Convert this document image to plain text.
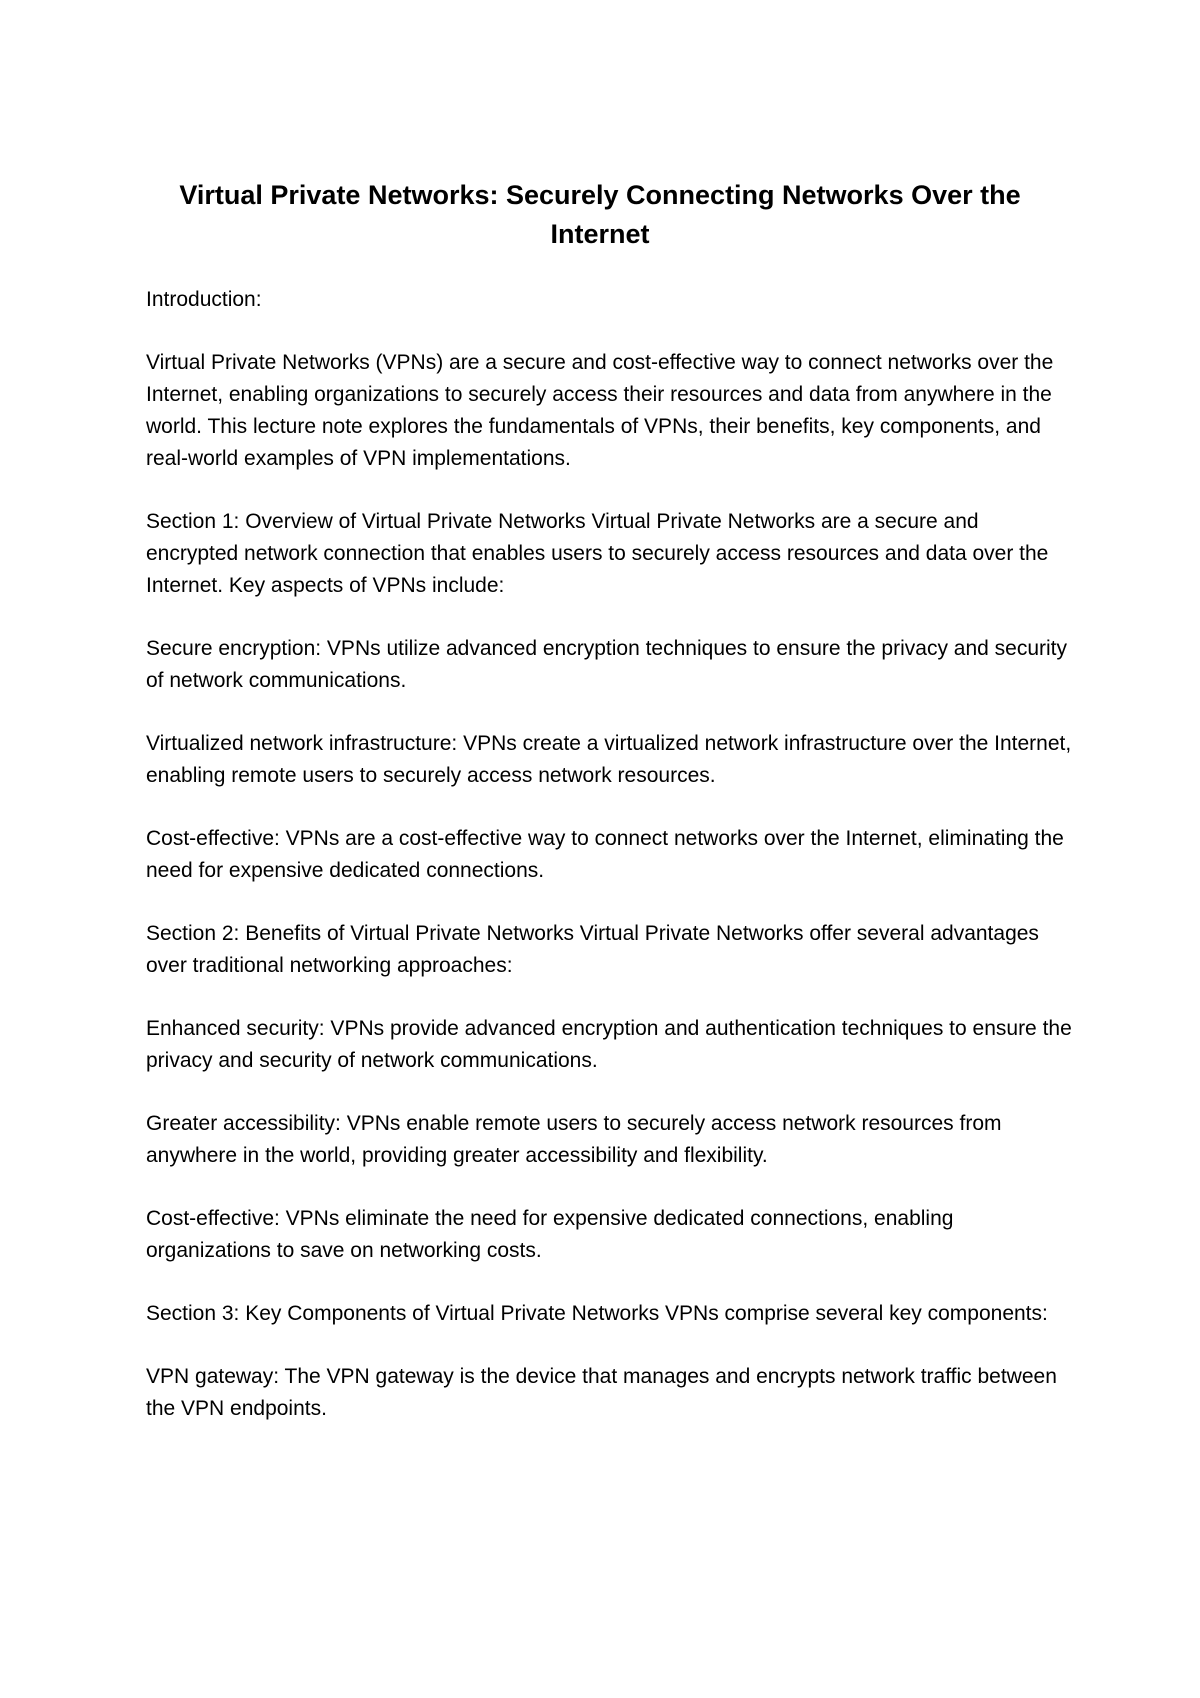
Virtual Private Networks: Securely Connecting Networks Over the Internet

Introduction:

Virtual Private Networks (VPNs) are a secure and cost-effective way to connect networks over the Internet, enabling organizations to securely access their resources and data from anywhere in the world. This lecture note explores the fundamentals of VPNs, their benefits, key components, and real-world examples of VPN implementations.

Section 1: Overview of Virtual Private Networks Virtual Private Networks are a secure and encrypted network connection that enables users to securely access resources and data over the Internet. Key aspects of VPNs include:

Secure encryption: VPNs utilize advanced encryption techniques to ensure the privacy and security of network communications.

Virtualized network infrastructure: VPNs create a virtualized network infrastructure over the Internet, enabling remote users to securely access network resources.

Cost-effective: VPNs are a cost-effective way to connect networks over the Internet, eliminating the need for expensive dedicated connections.

Section 2: Benefits of Virtual Private Networks Virtual Private Networks offer several advantages over traditional networking approaches:

Enhanced security: VPNs provide advanced encryption and authentication techniques to ensure the privacy and security of network communications.

Greater accessibility: VPNs enable remote users to securely access network resources from anywhere in the world, providing greater accessibility and flexibility.

Cost-effective: VPNs eliminate the need for expensive dedicated connections, enabling organizations to save on networking costs.

Section 3: Key Components of Virtual Private Networks VPNs comprise several key components:

VPN gateway: The VPN gateway is the device that manages and encrypts network traffic between the VPN endpoints.
